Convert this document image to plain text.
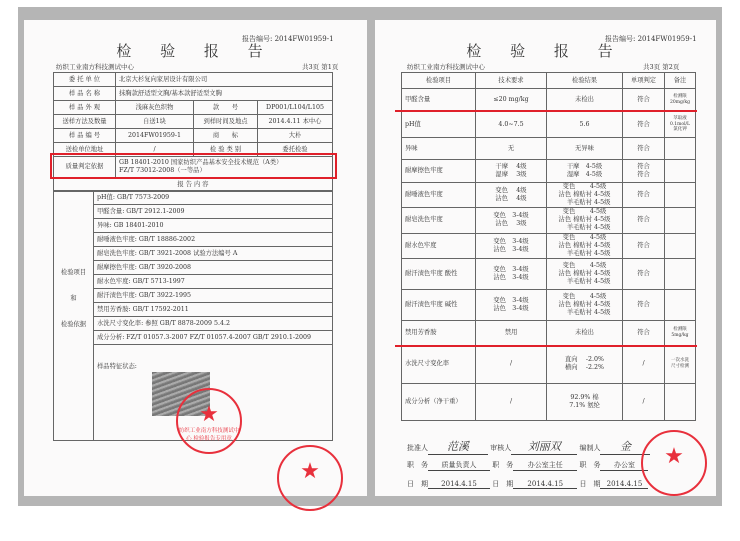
报告编号: 2014FW01959-1
检 验 报 告
纺织工业南方科技测试中心	共3页 第1页
委 托 单 位	北京大杉复向家居设计有限公司		
样 品 名 称	抹胸款舒适型文胸/基本款舒适型文胸		
样 品 外 观	浅麻灰色织物	款　　号	DP001/L104/L105
送样方法及数量	自送1块	到样时间及地点	2014.4.11 本中心
样 品 编 号	2014FW01959-1	商　　标	大朴
送检单位地址	/	检 验 类 别	委托检验
质量判定依据	GB 18401-2010 国家纺织产品基本安全技术规范（A类）
FZ/T 73012-2008（一等品）		
报 告 内 容			
检验项目
和
检验依据
	pH值: GB/T 7573-2009
甲醛含量: GB/T 2912.1-2009
异味: GB 18401-2010
耐唾液色牢度: GB/T 18886-2002
耐皂洗色牢度: GB/T 3921-2008 试验方法编号 A
耐摩擦色牢度: GB/T 3920-2008
耐水色牢度: GB/T 5713-1997
耐汗渍色牢度: GB/T 3922-1995
禁用芳香胺: GB/T 17592-2011
水洗尺寸变化率: 参照 GB/T 8878-2009 5.4.2
成分分析: FZ/T 01057.3-2007 FZ/T 01057.4-2007 GB/T 2910.1-2009
样品特征状态:
★
纺织工业南方科技测试中心 检验报告专用章
★
报告编号: 2014FW01959-1
检 验 报 告
纺织工业南方科技测试中心	共3页 第2页
检验项目	技术要求	检验结果	单项判定	备注
甲醛含量	≤20 mg/kg	未检出	符合	检测限
20mg/kg
pH值	4.0~7.5	5.6	符合	萃取液
0.1mol/L
氯化钾
异味	无	无异味	符合	
耐摩擦色牢度	干摩　 4级
湿摩　 3级	干摩　4-5级
湿摩　4-5级	符合
符合	
耐唾液色牢度	变色　 4级
沾色　 4级	变色　　 4-5级
沾色 棉贴衬 4-5级
　 羊毛贴衬 4-5级	符合	
耐皂洗色牢度	变色　3-4级
沾色　 3级	变色　　 4-5级
沾色 棉贴衬 4-5级
　 羊毛贴衬 4-5级	符合	
耐水色牢度	变色　3-4级
沾色　3-4级	变色　　 4-5级
沾色 棉贴衬 4-5级
　 羊毛贴衬 4-5级	符合	
耐汗渍色牢度 酸性	变色　3-4级
沾色　3-4级	变色　　 4-5级
沾色 棉贴衬 4-5级
　 羊毛贴衬 4-5级	符合	
耐汗渍色牢度 碱性	变色　3-4级
沾色　3-4级	变色　　 4-5级
沾色 棉贴衬 4-5级
　 羊毛贴衬 4-5级	符合	
禁用芳香胺	禁用	未检出	符合	检测限
5mg/kg
水洗尺寸变化率	/	直向　 -2.0%
横向　 -2.2%	/	一次水洗
尺寸检测
成分分析（净干重）	/	92.9% 棉
7.1% 氨纶	/	
批准人 范溪	审核人 刘丽双	编制人 金
职　务 质量负责人 职　务 办公室主任 职　务 办公室
日　期 2014.4.15 日　期 2014.4.15 日　期 2014.4.15
★
